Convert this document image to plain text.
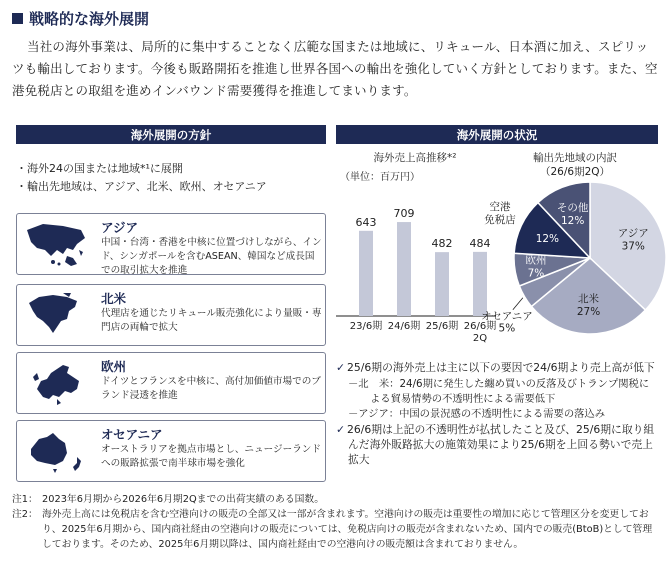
戦略的な海外展開

当社の海外事業は、局所的に集中することなく広範な国または地域に、リキュール、日本酒に加え、スピリッツも輸出しております。今後も販路開拓を推進し世界各国への輸出を強化していく方針としております。また、空港免税店との取組を進めインバウンド需要獲得を推進してまいります。

海外展開の方針
・ 海外24の国または地域*¹に展開
・ 輸出先地域は、アジア、北米、欧州、オセアニア
アジア
中国・台湾・香港を中核に位置づけしながら、インド、シンガポールを含むASEAN、韓国など成長国での取引拡大を推進
北米
代理店を通じたリキュール販売強化により量販・専門店の両輪で拡大
欧州
ドイツとフランスを中核に、高付加価値市場でのブランド浸透を推進
オセアニア
オーストラリアを拠点市場とし、ニュージーランドへの販路拡張で南半球市場を強化
海外展開の状況
海外売上高推移*²
（単位：百万円）
輸出先地域の内訳
（26/6期2Q）
643
23/6期
709
24/6期
482
25/6期
484
26/6期
2Q
アジア
37%
北米
27%
オセアニア
5%
欧州
7%
12%
その他
12%
空港
免税店
✓ 25/6期の海外売上は主に以下の要因で24/6期より売上高が低下
－北　米：24/6期に発生した纏め買いの反落及びトランプ関税による貿易情勢の不透明性による需要低下
－アジア：中国の景況感の不透明性による需要の落込み
✓ 26/6期は上記の不透明性が払拭したこと及び、25/6期に取り組んだ海外販路拡大の施策効果により25/6期を上回る勢いで売上拡大
注1： 2023年6月期から2026年6月期2Qまでの出荷実績のある国数。
注2： 海外売上高には免税店を含む空港向けの販売の全部又は一部が含まれます。空港向けの販売は重要性の増加に応じて管理区分を変更しており、2025年6月期から、国内商社経由の空港向けの販売については、免税店向けの販売が含まれないため、国内での販売(BtoB)として管理しております。そのため、2025年6月期以降は、国内商社経由での空港向けの販売額は含まれておりません。
